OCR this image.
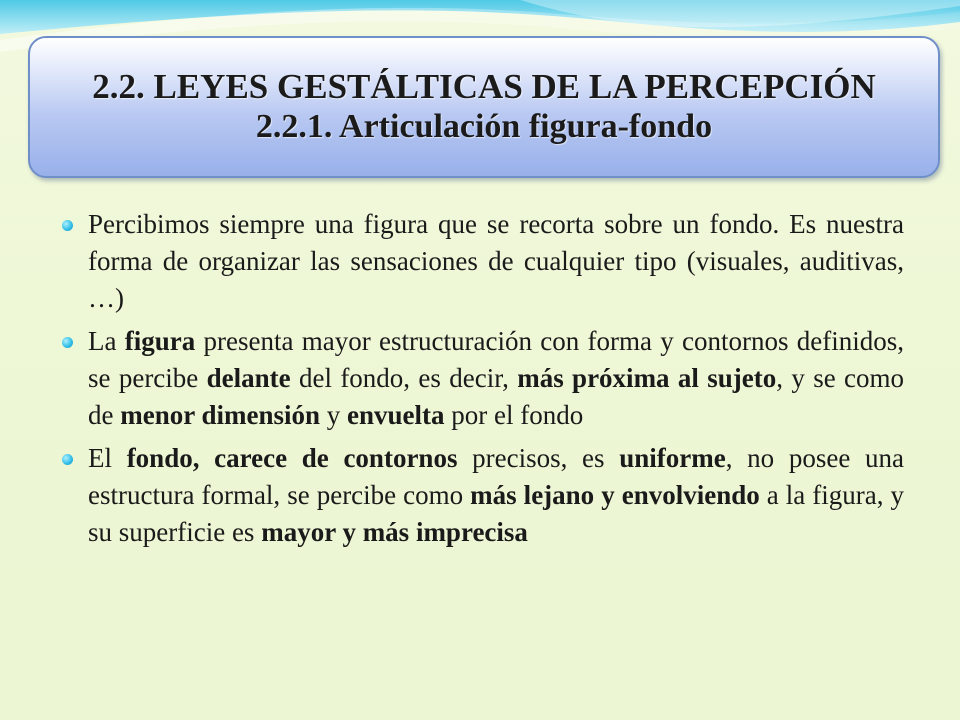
2.2. LEYES GESTÁLTICAS DE LA PERCEPCIÓN
2.2.1. Articulación figura-fondo
Percibimos siempre una figura que se recorta sobre un fondo. Es nuestra forma de organizar las sensaciones de cualquier tipo (visuales, auditivas, …)
La figura presenta mayor estructuración con forma y contornos definidos, se percibe delante del fondo, es decir, más próxima al sujeto, y se como de menor dimensión y envuelta por el fondo
El fondo, carece de contornos precisos, es uniforme, no posee una estructura formal, se percibe como más lejano y envolviendo a la figura, y su superficie es mayor y más imprecisa
